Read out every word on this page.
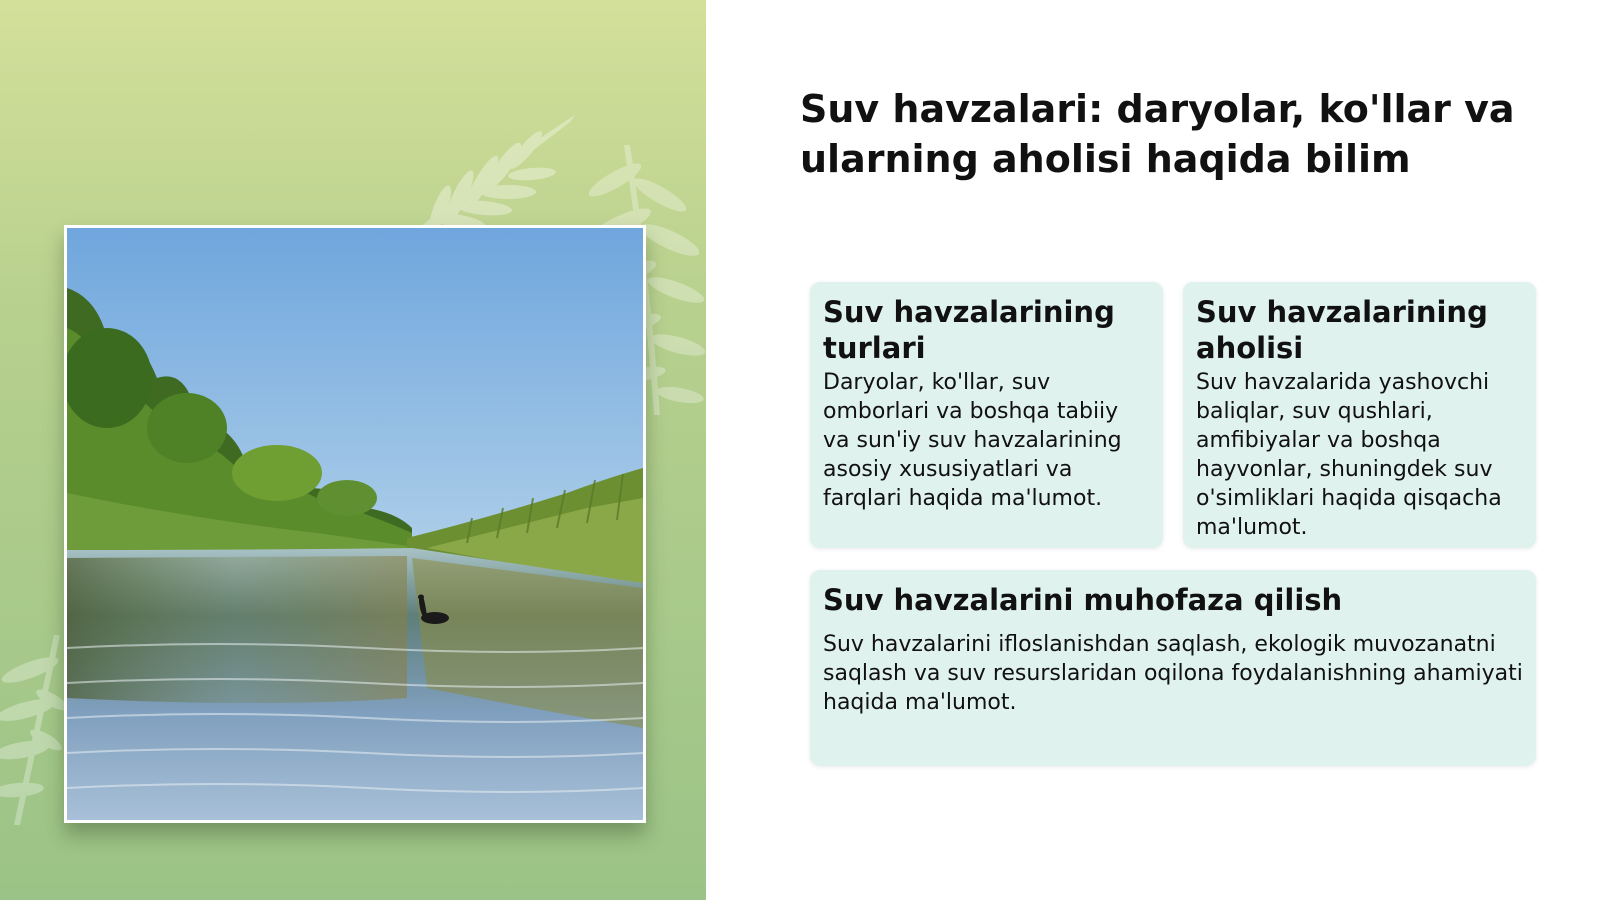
Suv havzalari: daryolar, ko'llar va ularning aholisi haqida bilim
Suv havzalarining turlari

Daryolar, ko'llar, suv omborlari va boshqa tabiiy va sun'iy suv havzalarining asosiy xususiyatlari va farqlari haqida ma'lumot.

Suv havzalarining aholisi

Suv havzalarida yashovchi baliqlar, suv qushlari, amfibiyalar va boshqa hayvonlar, shuningdek suv o'simliklari haqida qisqacha ma'lumot.

Suv havzalarini muhofaza qilish

Suv havzalarini ifloslanishdan saqlash, ekologik muvozanatni saqlash va suv resurslaridan oqilona foydalanishning ahamiyati haqida ma'lumot.
